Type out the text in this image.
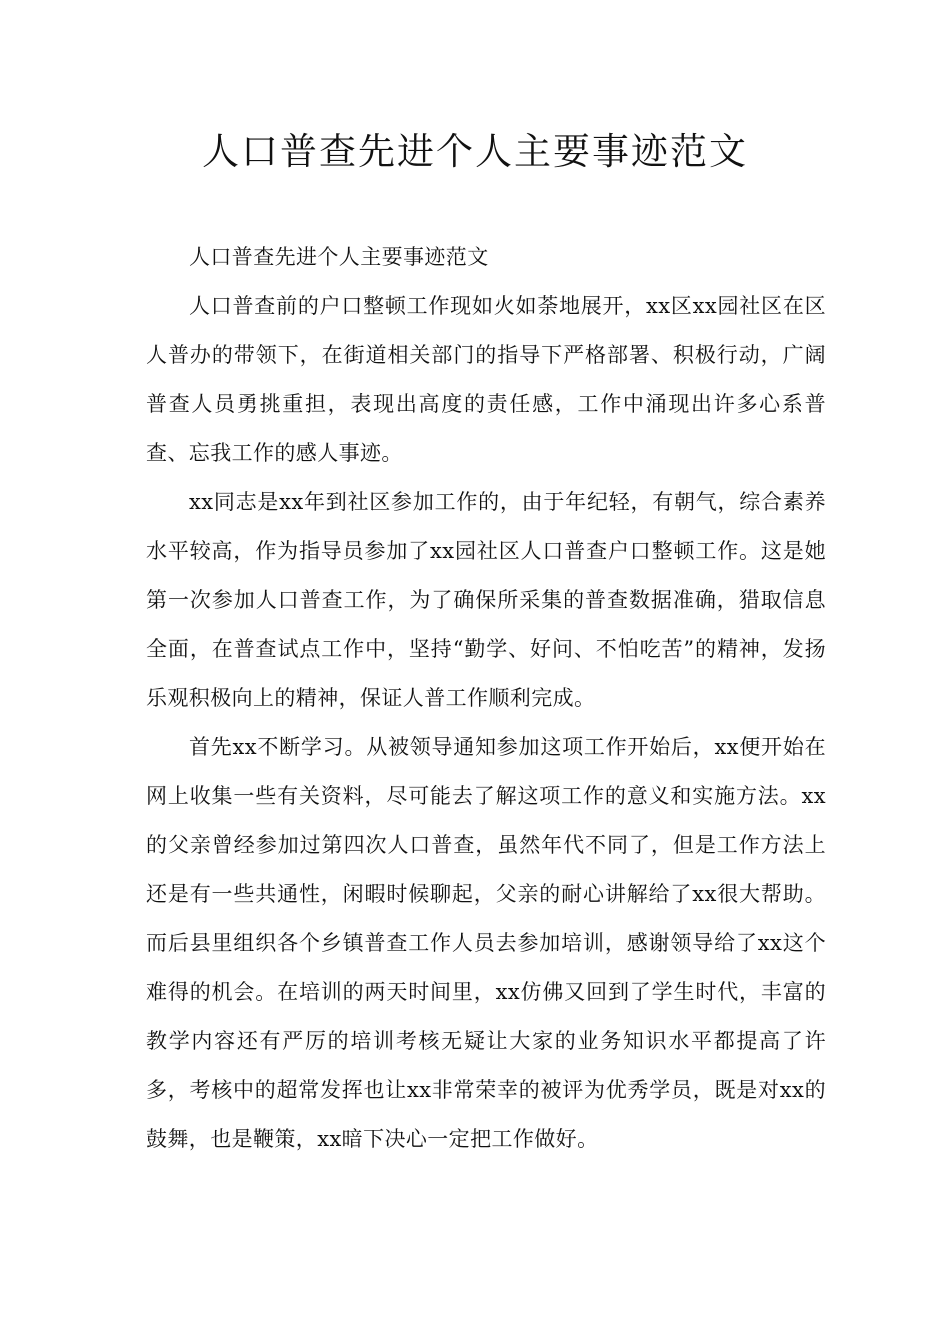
人口普查先进个人主要事迹范文

人口普查先进个人主要事迹范文

人口普查前的户口整顿工作现如火如荼地展开，xx区xx园社区在区人普办的带领下，在街道相关部门的指导下严格部署、积极行动，广阔普查人员勇挑重担，表现出高度的责任感，工作中涌现出许多心系普查、忘我工作的感人事迹。

xx同志是xx年到社区参加工作的，由于年纪轻，有朝气，综合素养水平较高，作为指导员参加了xx园社区人口普查户口整顿工作。这是她第一次参加人口普查工作，为了确保所采集的普查数据准确，猎取信息全面，在普查试点工作中，坚持“勤学、好问、不怕吃苦”的精神，发扬乐观积极向上的精神，保证人普工作顺利完成。

首先xx不断学习。从被领导通知参加这项工作开始后，xx便开始在网上收集一些有关资料，尽可能去了解这项工作的意义和实施方法。xx的父亲曾经参加过第四次人口普查，虽然年代不同了，但是工作方法上还是有一些共通性，闲暇时候聊起，父亲的耐心讲解给了xx很大帮助。而后县里组织各个乡镇普查工作人员去参加培训，感谢领导给了xx这个难得的机会。在培训的两天时间里，xx仿佛又回到了学生时代，丰富的教学内容还有严厉的培训考核无疑让大家的业务知识水平都提高了许多，考核中的超常发挥也让xx非常荣幸的被评为优秀学员，既是对xx的鼓舞，也是鞭策，xx暗下决心一定把工作做好。
